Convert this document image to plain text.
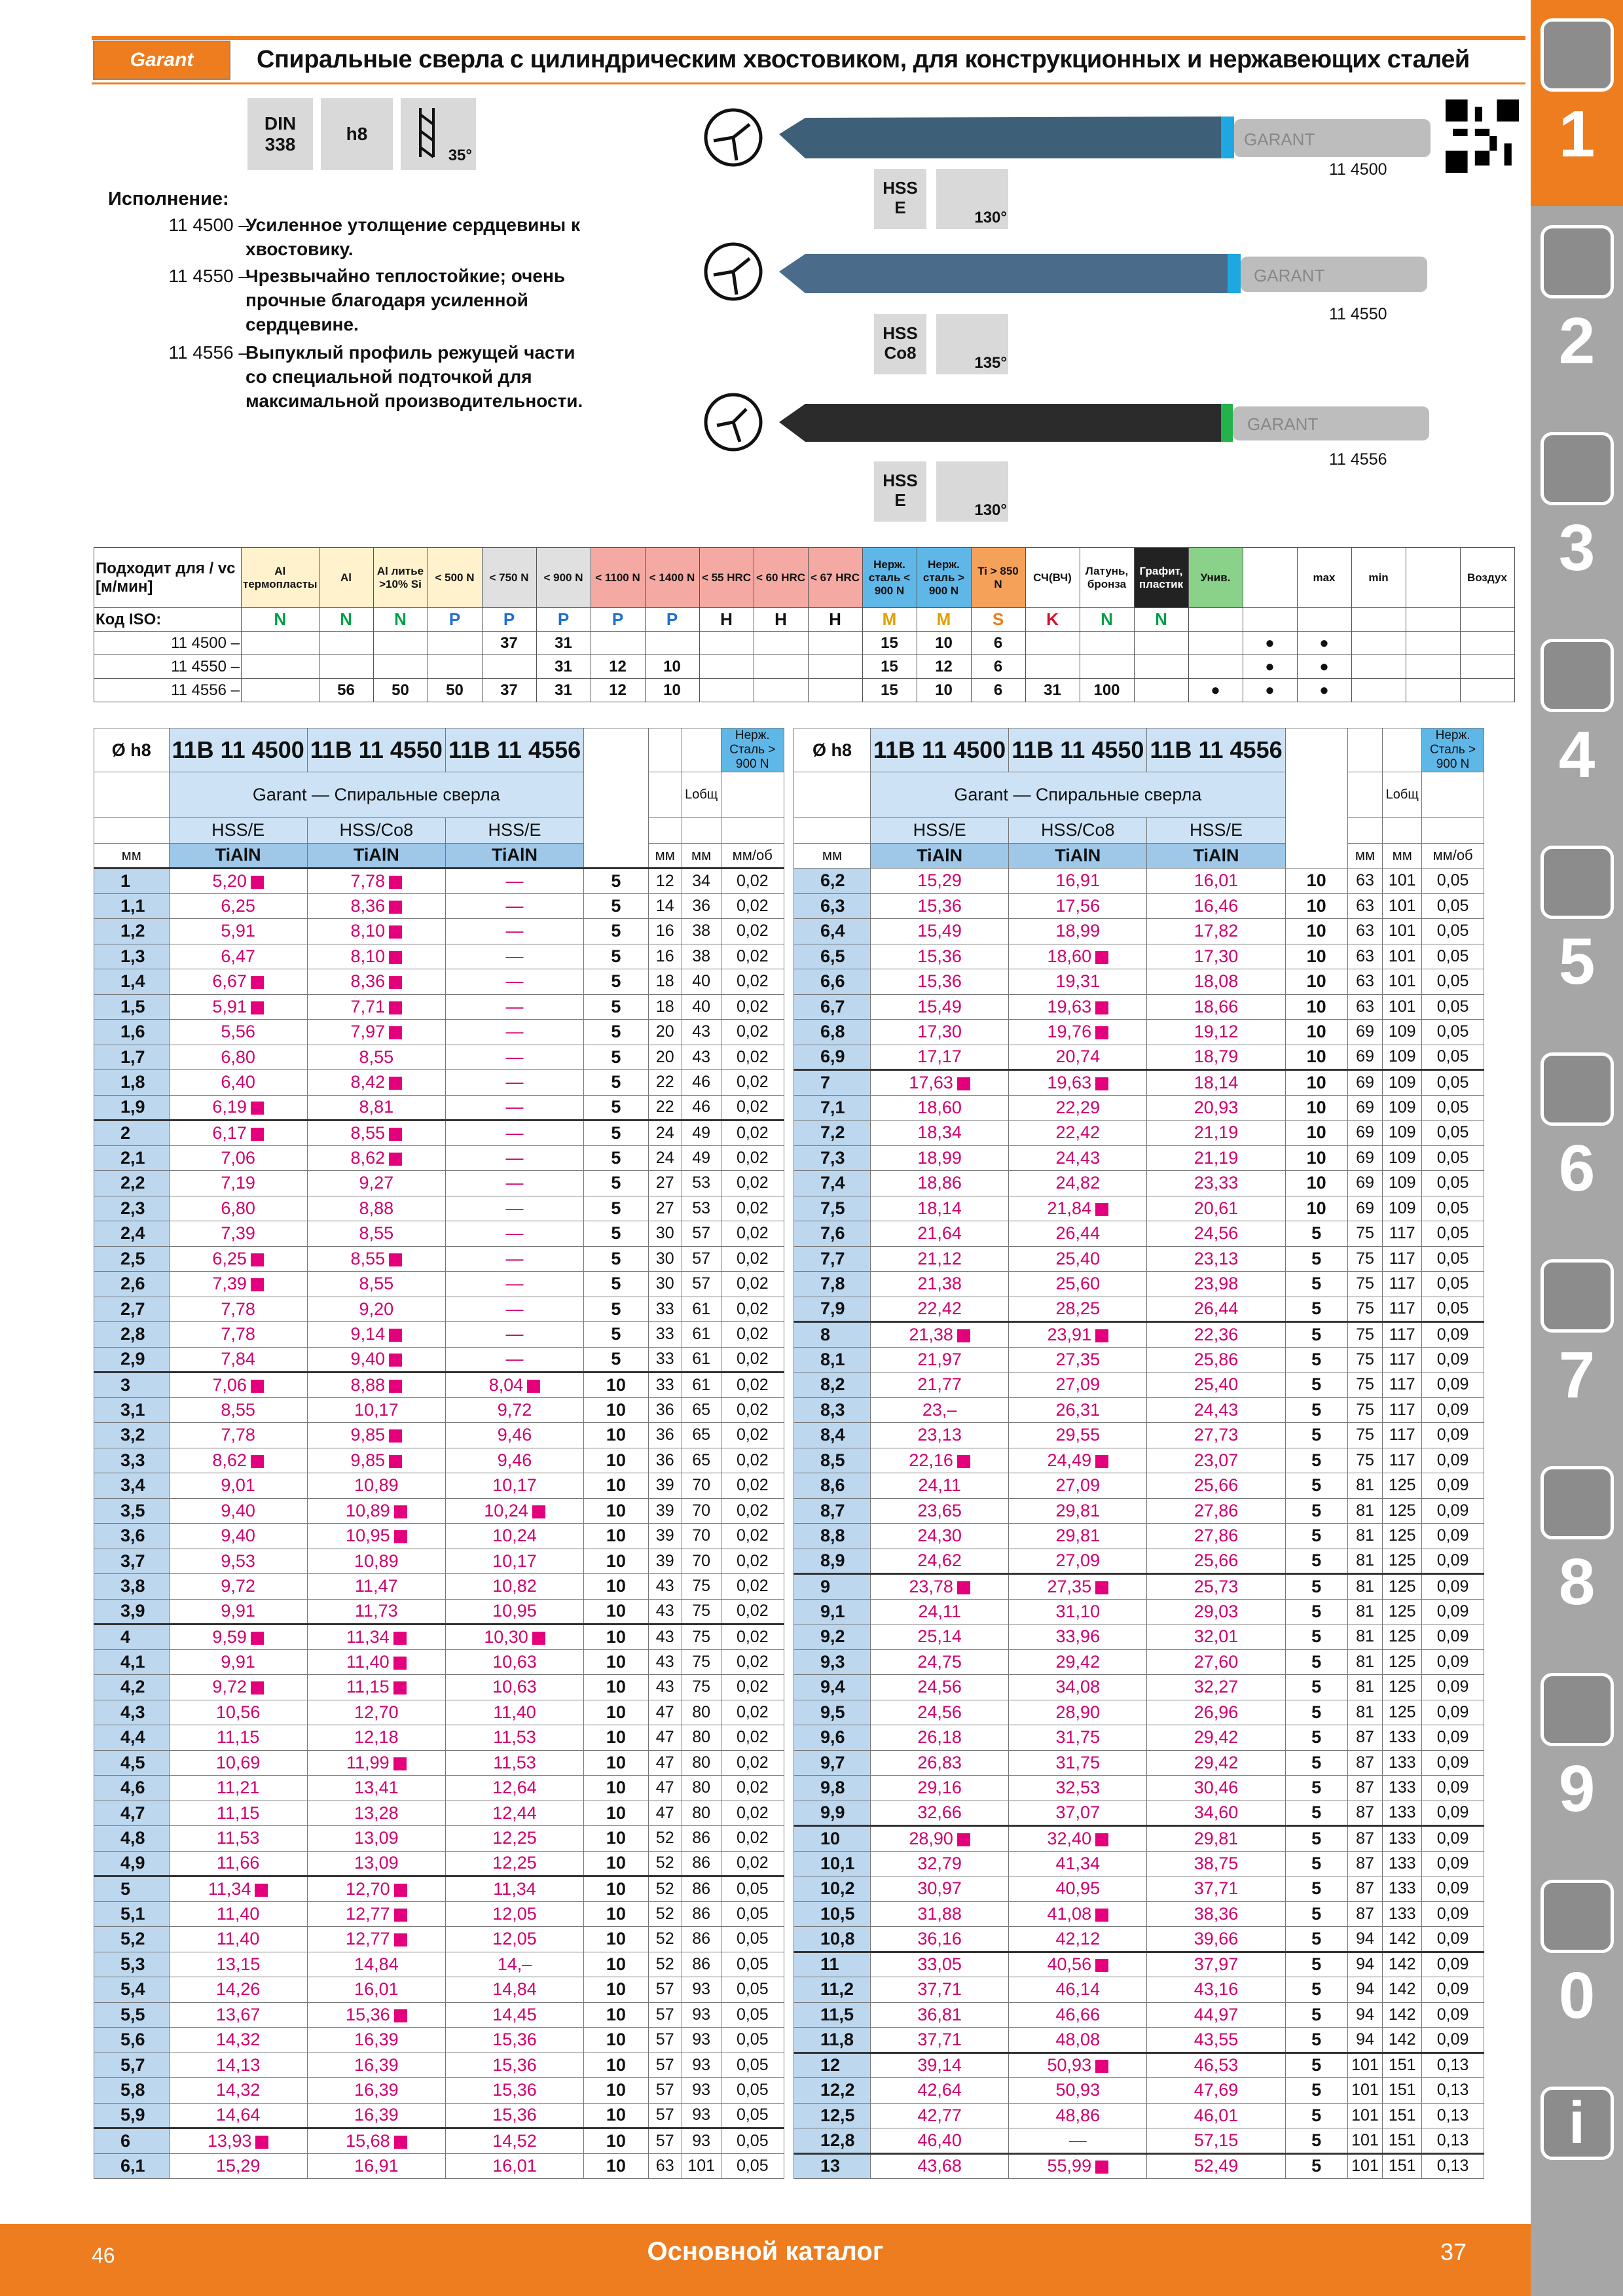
Garant	Спиральные сверла с цилиндрическим хвостовиком, для конструкционных и нержавеющих сталей
DIN 338
h8
35°
Исполнение:
11 4500 –
Усиленное утолщение сердцевины к хвостовику.
11 4550 –
Чрезвычайно теплостойкие; очень прочные благодаря усиленной сердцевине.
11 4556 –
Выпуклый профиль режущей части со специальной подточкой для максимальной производительности.
GARANT
GARANT
GARANT
HSS
E
130°
11 4500
HSS
Co8
135°
11 4550
HSS
E
130°
11 4556
Подходит для / vс [м/мин]	Al термопласты	Al	Al литье >10% Si	< 500 N	< 750 N	< 900 N	< 1100 N	< 1400 N	< 55 HRC	< 60 HRC	< 67 HRC	Нерж. сталь < 900 N	Нерж. сталь > 900 N	Ti > 850 N	СЧ(ВЧ)	Латунь, бронза	Графит, пластик	Унив.		max	min		Воздух
Код ISO:	N	N	N	P	P	P	P	P	H	H	H	M	M	S	K	N	N						
11 4500 –					37	31						15	10	6					●	●			
11 4550 –						31	12	10				15	12	6					●	●			
11 4556 –		56	50	50	37	31	12	10				15	10	6	31	100		●	●	●			
Ø h8	11B 11 4500	11B 11 4550	11B 11 4556				Нерж. Сталь > 900 N
	Garant — Спиральные сверла					Lобщ	
	HSS/E	HSS/Co8	HSS/E				
мм	TiAlN	TiAlN	TiAlN		мм	мм	мм/об
1	5,20	7,78	—	5	12	34	0,02
1,1	6,25	8,36	—	5	14	36	0,02
1,2	5,91	8,10	—	5	16	38	0,02
1,3	6,47	8,10	—	5	16	38	0,02
1,4	6,67	8,36	—	5	18	40	0,02
1,5	5,91	7,71	—	5	18	40	0,02
1,6	5,56	7,97	—	5	20	43	0,02
1,7	6,80	8,55	—	5	20	43	0,02
1,8	6,40	8,42	—	5	22	46	0,02
1,9	6,19	8,81	—	5	22	46	0,02
2	6,17	8,55	—	5	24	49	0,02
2,1	7,06	8,62	—	5	24	49	0,02
2,2	7,19	9,27	—	5	27	53	0,02
2,3	6,80	8,88	—	5	27	53	0,02
2,4	7,39	8,55	—	5	30	57	0,02
2,5	6,25	8,55	—	5	30	57	0,02
2,6	7,39	8,55	—	5	30	57	0,02
2,7	7,78	9,20	—	5	33	61	0,02
2,8	7,78	9,14	—	5	33	61	0,02
2,9	7,84	9,40	—	5	33	61	0,02
3	7,06	8,88	8,04	10	33	61	0,02
3,1	8,55	10,17	9,72	10	36	65	0,02
3,2	7,78	9,85	9,46	10	36	65	0,02
3,3	8,62	9,85	9,46	10	36	65	0,02
3,4	9,01	10,89	10,17	10	39	70	0,02
3,5	9,40	10,89	10,24	10	39	70	0,02
3,6	9,40	10,95	10,24	10	39	70	0,02
3,7	9,53	10,89	10,17	10	39	70	0,02
3,8	9,72	11,47	10,82	10	43	75	0,02
3,9	9,91	11,73	10,95	10	43	75	0,02
4	9,59	11,34	10,30	10	43	75	0,02
4,1	9,91	11,40	10,63	10	43	75	0,02
4,2	9,72	11,15	10,63	10	43	75	0,02
4,3	10,56	12,70	11,40	10	47	80	0,02
4,4	11,15	12,18	11,53	10	47	80	0,02
4,5	10,69	11,99	11,53	10	47	80	0,02
4,6	11,21	13,41	12,64	10	47	80	0,02
4,7	11,15	13,28	12,44	10	47	80	0,02
4,8	11,53	13,09	12,25	10	52	86	0,02
4,9	11,66	13,09	12,25	10	52	86	0,02
5	11,34	12,70	11,34	10	52	86	0,05
5,1	11,40	12,77	12,05	10	52	86	0,05
5,2	11,40	12,77	12,05	10	52	86	0,05
5,3	13,15	14,84	14,–	10	52	86	0,05
5,4	14,26	16,01	14,84	10	57	93	0,05
5,5	13,67	15,36	14,45	10	57	93	0,05
5,6	14,32	16,39	15,36	10	57	93	0,05
5,7	14,13	16,39	15,36	10	57	93	0,05
5,8	14,32	16,39	15,36	10	57	93	0,05
5,9	14,64	16,39	15,36	10	57	93	0,05
6	13,93	15,68	14,52	10	57	93	0,05
6,1	15,29	16,91	16,01	10	63	101	0,05
Ø h8	11B 11 4500	11B 11 4550	11B 11 4556				Нерж. Сталь > 900 N
	Garant — Спиральные сверла					Lобщ	
	HSS/E	HSS/Co8	HSS/E				
мм	TiAlN	TiAlN	TiAlN		мм	мм	мм/об
6,2	15,29	16,91	16,01	10	63	101	0,05
6,3	15,36	17,56	16,46	10	63	101	0,05
6,4	15,49	18,99	17,82	10	63	101	0,05
6,5	15,36	18,60	17,30	10	63	101	0,05
6,6	15,36	19,31	18,08	10	63	101	0,05
6,7	15,49	19,63	18,66	10	63	101	0,05
6,8	17,30	19,76	19,12	10	69	109	0,05
6,9	17,17	20,74	18,79	10	69	109	0,05
7	17,63	19,63	18,14	10	69	109	0,05
7,1	18,60	22,29	20,93	10	69	109	0,05
7,2	18,34	22,42	21,19	10	69	109	0,05
7,3	18,99	24,43	21,19	10	69	109	0,05
7,4	18,86	24,82	23,33	10	69	109	0,05
7,5	18,14	21,84	20,61	10	69	109	0,05
7,6	21,64	26,44	24,56	5	75	117	0,05
7,7	21,12	25,40	23,13	5	75	117	0,05
7,8	21,38	25,60	23,98	5	75	117	0,05
7,9	22,42	28,25	26,44	5	75	117	0,05
8	21,38	23,91	22,36	5	75	117	0,09
8,1	21,97	27,35	25,86	5	75	117	0,09
8,2	21,77	27,09	25,40	5	75	117	0,09
8,3	23,–	26,31	24,43	5	75	117	0,09
8,4	23,13	29,55	27,73	5	75	117	0,09
8,5	22,16	24,49	23,07	5	75	117	0,09
8,6	24,11	27,09	25,66	5	81	125	0,09
8,7	23,65	29,81	27,86	5	81	125	0,09
8,8	24,30	29,81	27,86	5	81	125	0,09
8,9	24,62	27,09	25,66	5	81	125	0,09
9	23,78	27,35	25,73	5	81	125	0,09
9,1	24,11	31,10	29,03	5	81	125	0,09
9,2	25,14	33,96	32,01	5	81	125	0,09
9,3	24,75	29,42	27,60	5	81	125	0,09
9,4	24,56	34,08	32,27	5	81	125	0,09
9,5	24,56	28,90	26,96	5	81	125	0,09
9,6	26,18	31,75	29,42	5	87	133	0,09
9,7	26,83	31,75	29,42	5	87	133	0,09
9,8	29,16	32,53	30,46	5	87	133	0,09
9,9	32,66	37,07	34,60	5	87	133	0,09
10	28,90	32,40	29,81	5	87	133	0,09
10,1	32,79	41,34	38,75	5	87	133	0,09
10,2	30,97	40,95	37,71	5	87	133	0,09
10,5	31,88	41,08	38,36	5	87	133	0,09
10,8	36,16	42,12	39,66	5	94	142	0,09
11	33,05	40,56	37,97	5	94	142	0,09
11,2	37,71	46,14	43,16	5	94	142	0,09
11,5	36,81	46,66	44,97	5	94	142	0,09
11,8	37,71	48,08	43,55	5	94	142	0,09
12	39,14	50,93	46,53	5	101	151	0,13
12,2	42,64	50,93	47,69	5	101	151	0,13
12,5	42,77	48,86	46,01	5	101	151	0,13
12,8	46,40	—	57,15	5	101	151	0,13
13	43,68	55,99	52,49	5	101	151	0,13
1
2
3
4
5
6
7
8
9
0
i
46	Основной каталог	37
